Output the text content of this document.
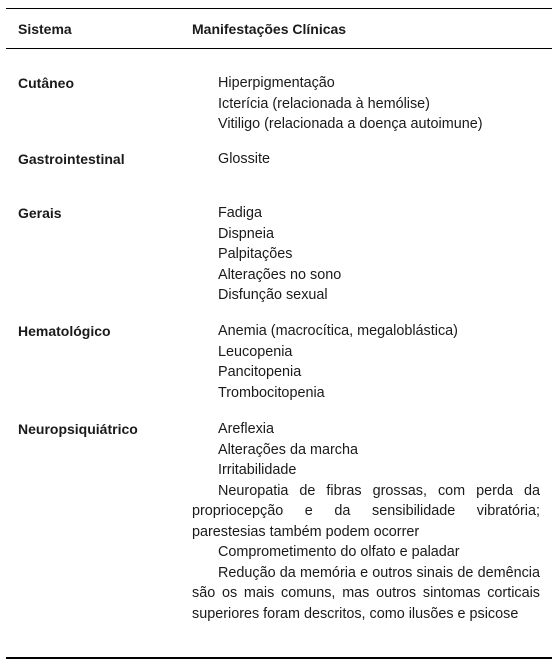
Sistema	Manifestações Clínicas
Cutâneo	Hiperpigmentação
Icterícia (relacionada à hemólise)
Vitiligo (relacionada a doença autoimune)
Gastrointestinal	Glossite
Gerais	Fadiga
Dispneia
Palpitações
Alterações no sono
Disfunção sexual
Hematológico	Anemia (macrocítica, megaloblástica)
Leucopenia
Pancitopenia
Trombocitopenia
Neuropsiquiátrico	Areflexia
Alterações da marcha
Irritabilidade
Neuropatia de fibras grossas, com perda da propriocepção e da sensibilidade vibratória; parestesias também podem ocorrer
Comprometimento do olfato e paladar
Redução da memória e outros sinais de demência são os mais comuns, mas outros sintomas corticais superiores foram descritos, como ilusões e psicose
